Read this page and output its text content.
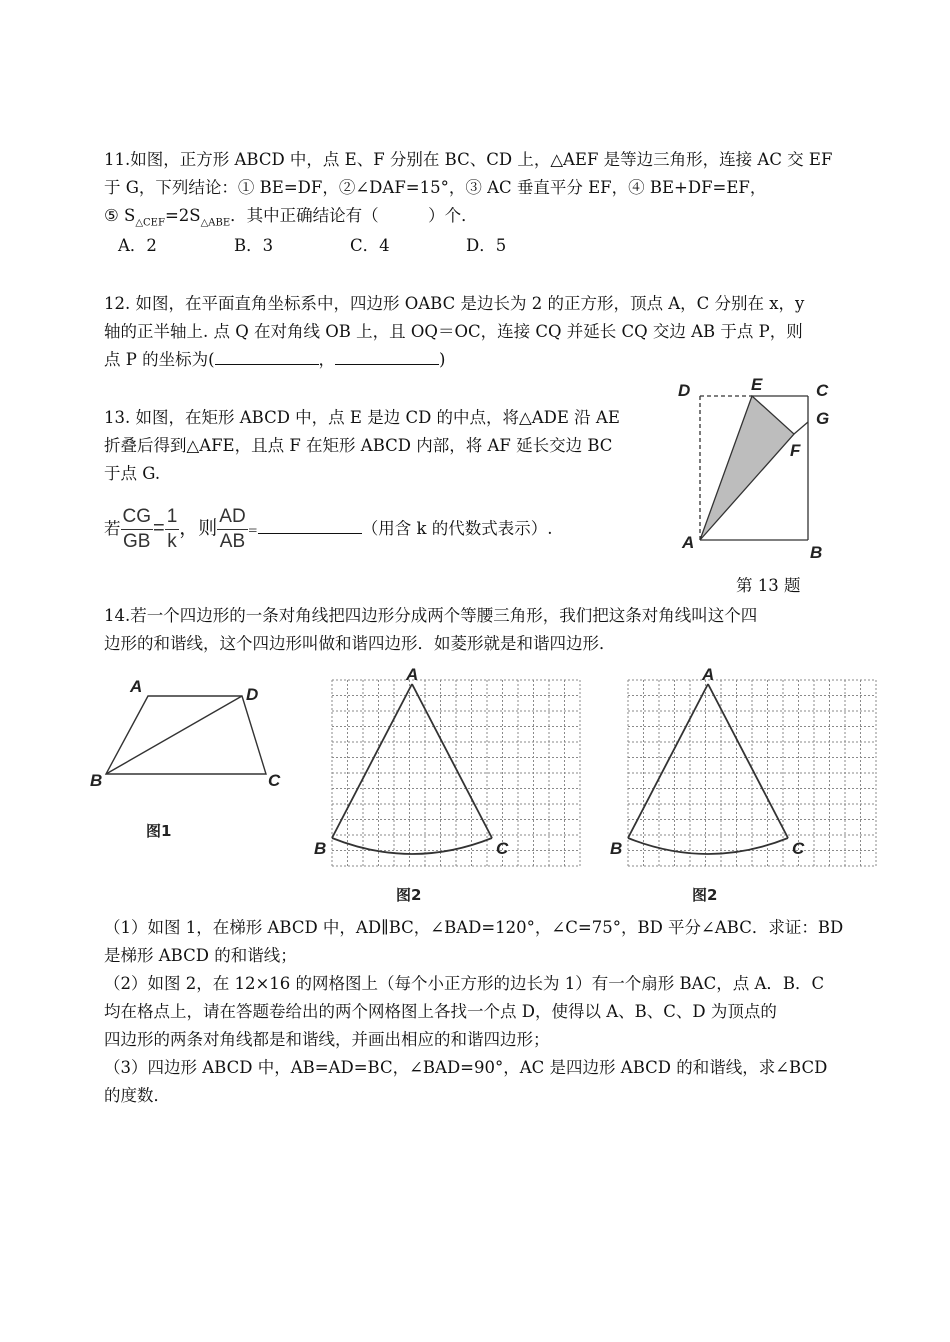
11.如图，正方形 ABCD 中，点 E、F 分别在 BC、CD 上，△AEF 是等边三角形，连接 AC 交 EF
于 G，下列结论：① BE=DF，②∠DAF=15°，③ AC 垂直平分 EF，④ BE+DF=EF，
⑤ $S_{\triangle CEF}=2S_{\triangle ABE}$．其中正确结论有（　　　）个．
A．2	B．3	C．4	D．5
12. 如图，在平面直角坐标系中，四边形 OABC 是边长为 2 的正方形，顶点 A，C 分别在 x，y
轴的正半轴上. 点 Q 在对角线 OB 上，且 OQ＝OC，连接 CQ 并延长 CQ 交边 AB 于点 P，则
点 P 的坐标为(	，	)
13. 如图，在矩形 ABCD 中，点 E 是边 CD 的中点，将△ADE 沿 AE
折叠后得到△AFE，且点 F 在矩形 ABCD 内部，将 AF 延长交边 BC
于点 G.
若 $\frac{CG}{GB} = \frac{1}{k}$ ，则 $\frac{AD}{AB}$ =	（用含 k 的代数式表示）.
D	E	C
G
F
A
B
第 13 题
14.若一个四边形的一条对角线把四边形分成两个等腰三角形，我们把这条对角线叫这个四
边形的和谐线，这个四边形叫做和谐四边形．如菱形就是和谐四边形．
A	D
B	C
图1
A
B	C
图2
A
B	C
图2
（1）如图 1，在梯形 ABCD 中，AD∥BC，∠BAD=120°，∠C=75°，BD 平分∠ABC．求证：BD
是梯形 ABCD 的和谐线；
（2）如图 2，在 12×16 的网格图上（每个小正方形的边长为 1）有一个扇形 BAC，点 A．B．C
均在格点上，请在答题卷给出的两个网格图上各找一个点 D，使得以 A、B、C、D 为顶点的
四边形的两条对角线都是和谐线，并画出相应的和谐四边形；
（3）四边形 ABCD 中，AB=AD=BC，∠BAD=90°，AC 是四边形 ABCD 的和谐线，求∠BCD
的度数．
